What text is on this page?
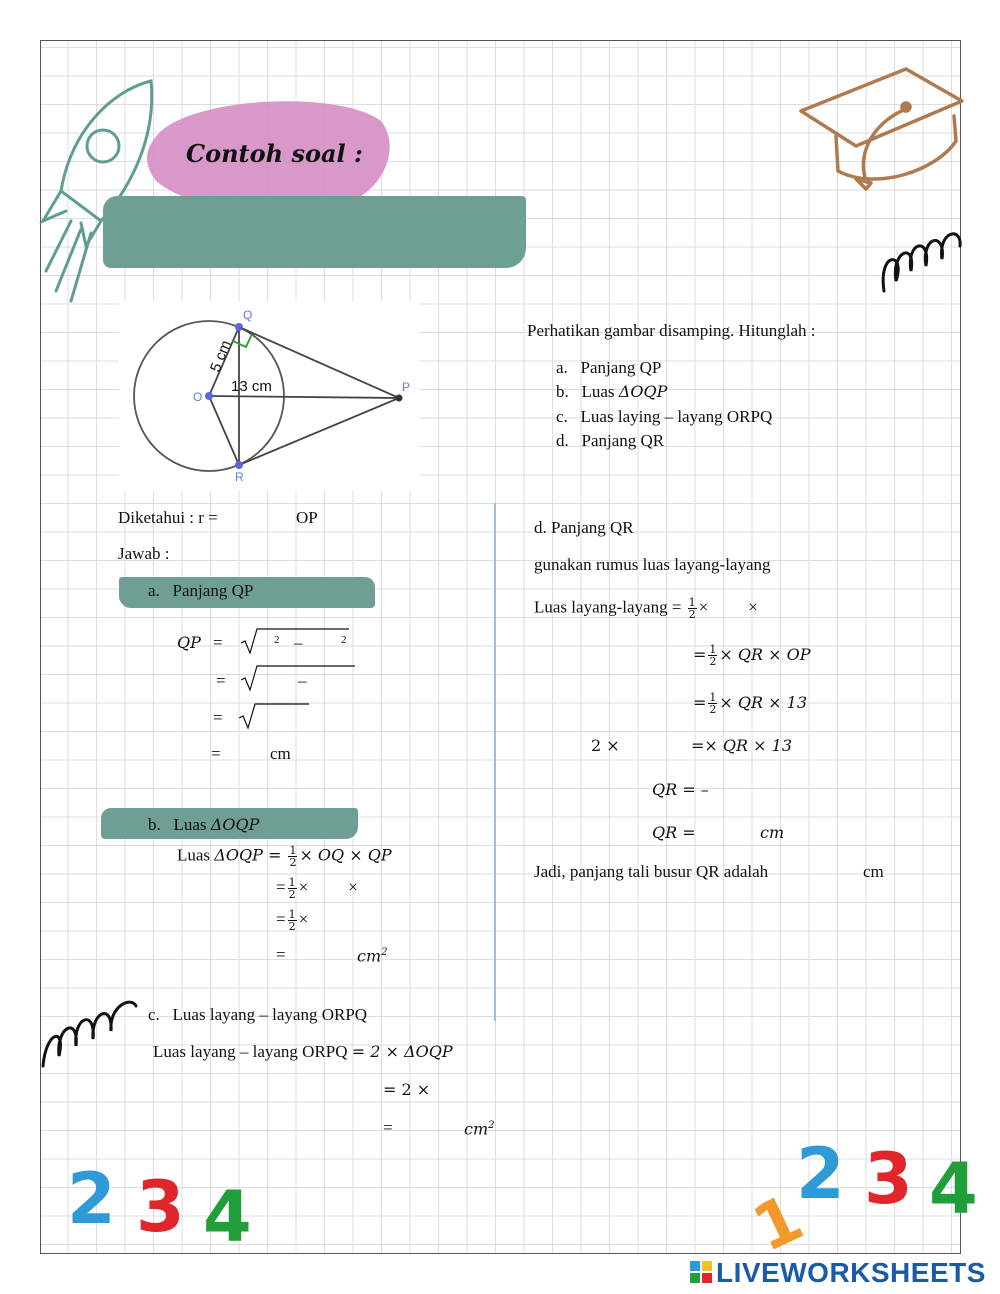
Contoh soal :
Q
O
P
R
5 cm
13 cm
Perhatikan gambar disamping. Hitunglah :
a. Panjang QP
b. Luas ΔOQP
c. Luas laying – layang ORPQ
d. Panjang QR
Diketahui : r =	OP
Jawab :
a. Panjang QP
QP =	2 –	2
=	–
=
=	cm
b. Luas ΔOQP
Luas $\Delta OQP = \frac{1}{2}$ × OQ × QP
= $\frac{1}{2}$ × ×
= $\frac{1}{2}$ ×
=	$cm^2$
c. Luas layang – layang ORPQ
Luas layang – layang ORPQ = 2 × ΔOQP
= 2 ×
=	$cm^2$
d. Panjang QR
gunakan rumus luas layang-layang
Luas layang-layang = $\frac{1}{2}$ × ×
= $\frac{1}{2}$ × QR × OP
= $\frac{1}{2}$ × QR × 13
2 ×	=× QR × 13
QR = –
QR =	cm
Jadi, panjang tali busur QR adalah	cm
2 3 4	1
2 3 4
LIVEWORKSHEETS
